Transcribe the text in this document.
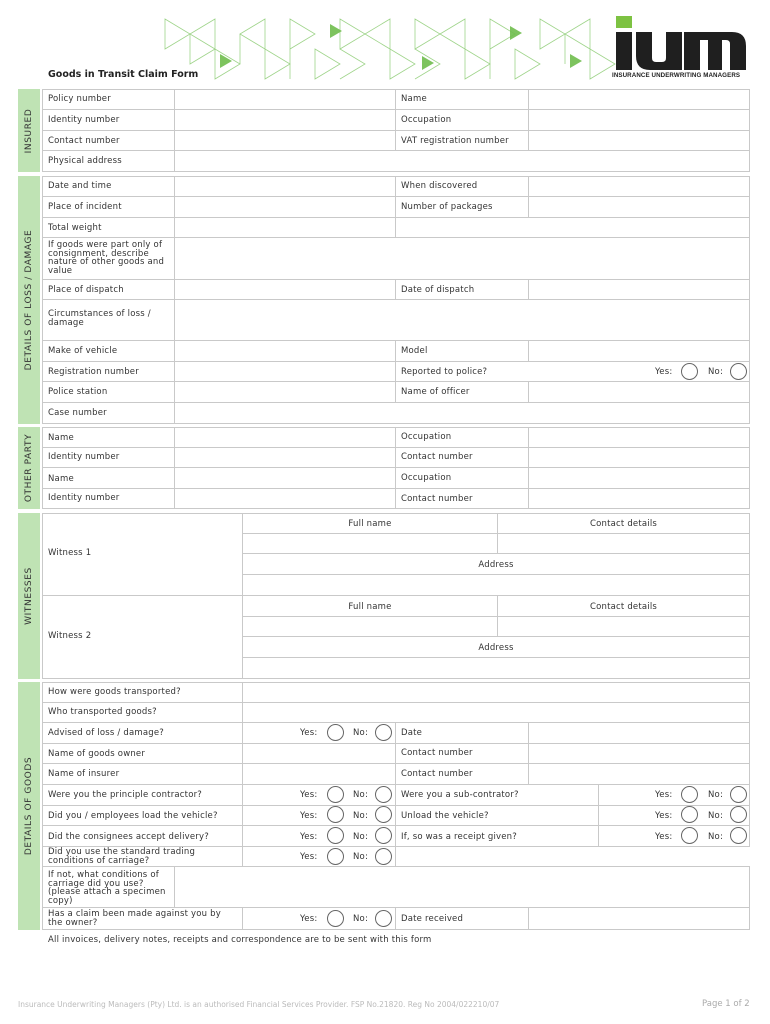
INSURANCE UNDERWRITING MANAGERS
Goods in Transit Claim Form
INSURED
DETAILS OF LOSS / DAMAGE
OTHER PARTY
WITNESSES
DETAILS OF GOODS
Policy number	Name
Identity number	Occupation
Contact number	VAT registration number
Physical address
Date and time	When discovered
Place of incident	Number of packages
Total weight
If goods were part only of consignment, describe nature of other goods and value
Place of dispatch	Date of dispatch
Circumstances of loss / damage
Make of vehicle	Model
Registration number	Reported to police?	Yes:	No:
Police station	Name of officer
Case number
Name	Occupation
Identity number	Contact number
Name	Occupation
Identity number	Contact number
Witness 1
Full name	Contact details
Address
Witness 2
Full name	Contact details
Address
How were goods transported?
Who transported goods?
Advised of loss / damage?	Yes:	No:	Date
Name of goods owner	Contact number
Name of insurer	Contact number
Were you the principle contractor?	Yes:	No:	Were you a sub-contrator?	Yes:	No:
Did you / employees load the vehicle?	Yes:	No:	Unload the vehicle?	Yes:	No:
Did the consignees accept delivery?	Yes:	No:	If, so was a receipt given?	Yes:	No:
Did you use the standard trading conditions of carriage?	Yes:	No:
If not, what conditions of carriage did you use? (please attach a specimen copy)
Has a claim been made against you by the owner?	Yes:	No:	Date received
All invoices, delivery notes, receipts and correspondence are to be sent with this form
Insurance Underwriting Managers (Pty) Ltd. is an authorised Financial Services Provider. FSP No.21820. Reg No 2004/022210/07	Page 1 of 2
